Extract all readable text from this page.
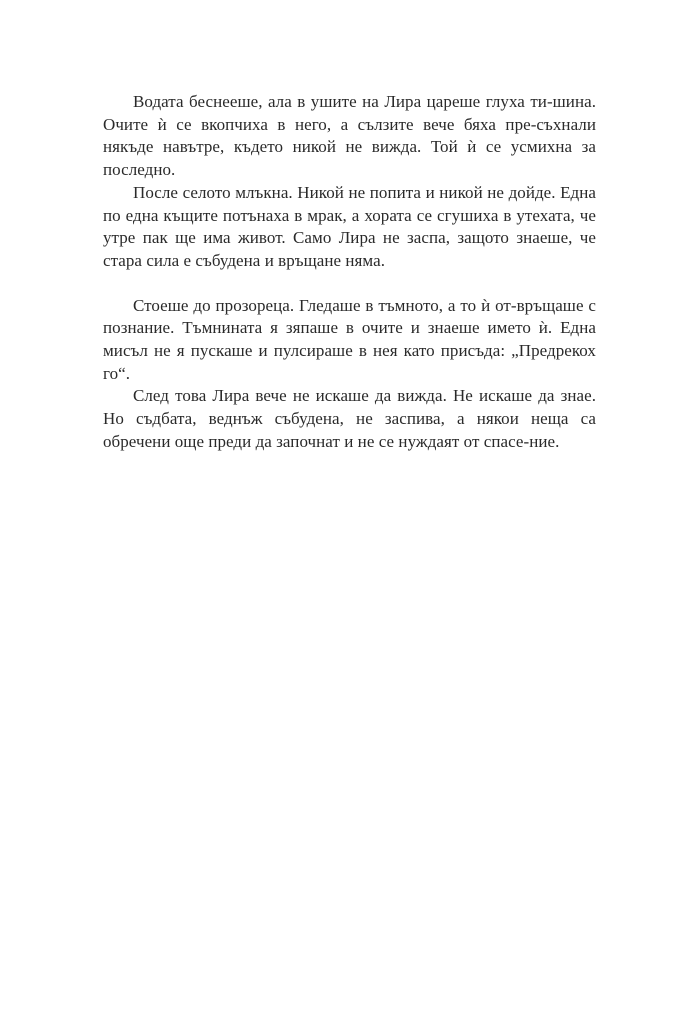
Водата беснееше, ала в ушите на Лира цареше глуха ти-шина. Очите ѝ се вкопчиха в него, а сълзите вече бяха пре-съхнали някъде навътре, където никой не вижда. Той ѝ се усмихна за последно.

После селото млъкна. Никой не попита и никой не дойде. Една по една къщите потънаха в мрак, а хората се сгушиха в утехата, че утре пак ще има живот. Само Лира не заспа, защото знаеше, че стара сила е събудена и връщане няма.

Стоеше до прозореца. Гледаше в тъмното, а то ѝ от-връщаше с познание. Тъмнината я зяпаше в очите и знаеше името ѝ. Една мисъл не я пускаше и пулсираше в нея като присъда: „Предрекох го“.

След това Лира вече не искаше да вижда. Не искаше да знае. Но съдбата, веднъж събудена, не заспива, а някои неща са обречени още преди да започнат и не се нуждаят от спасе-ние.
